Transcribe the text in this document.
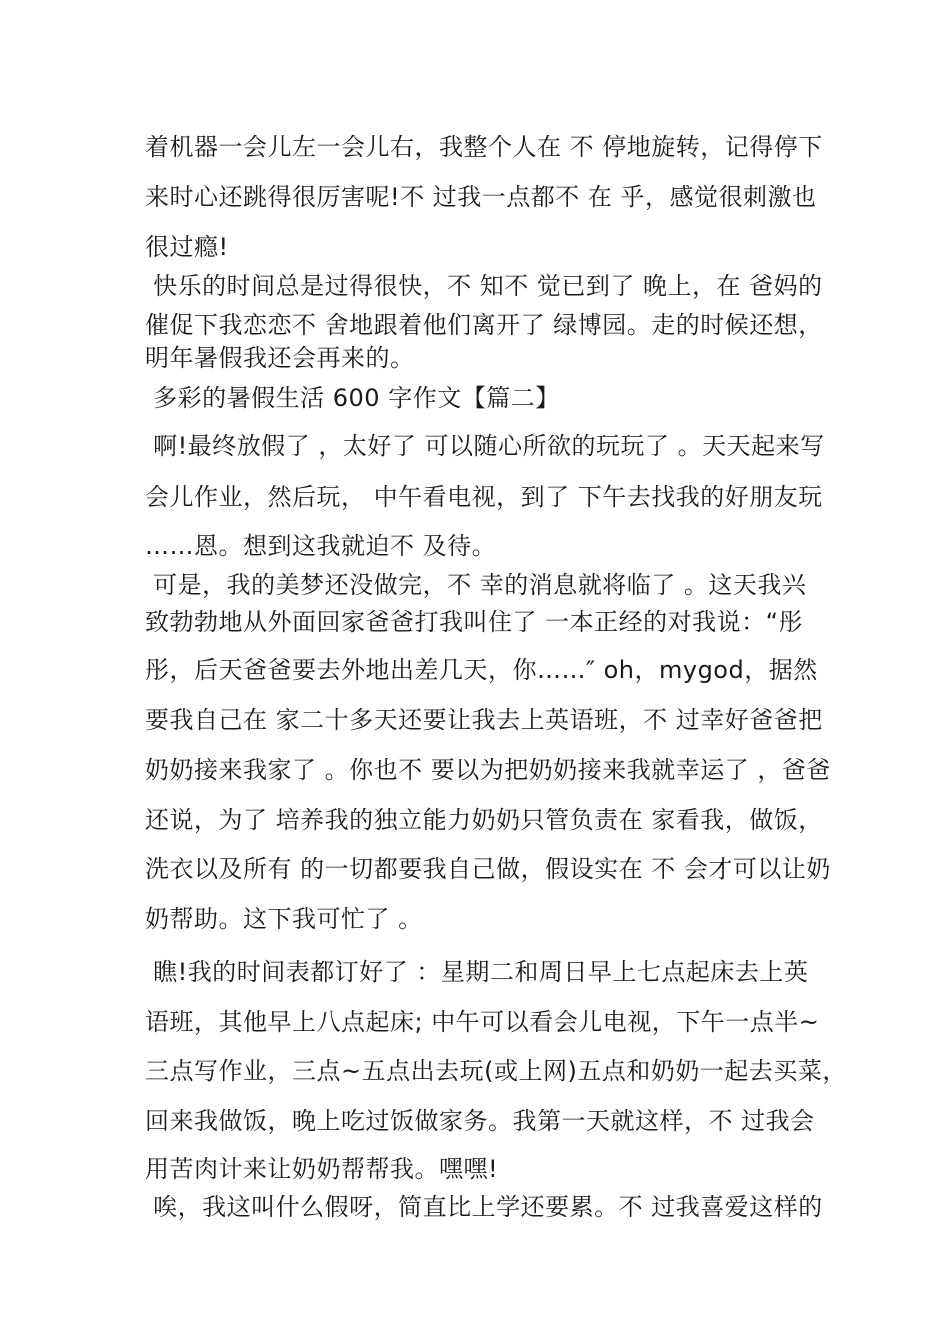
着机器一会儿左一会儿右，我整个人在 不 停地旋转，记得停下
来时心还跳得很厉害呢!不 过我一点都不 在 乎，感觉很刺激也
很过瘾!
快乐的时间总是过得很快，不 知不 觉已到了 晚上，在 爸妈的
催促下我恋恋不 舍地跟着他们离开了 绿博园。走的时候还想，
明年暑假我还会再来的。
多彩的暑假生活 600 字作文【篇二】
啊!最终放假了 ，太好了 可以随心所欲的玩玩了 。天天起来写
会儿作业，然后玩， 中午看电视，到了 下午去找我的好朋友玩
……恩。想到这我就迫不 及待。
可是，我的美梦还没做完，不 幸的消息就将临了 。这天我兴
致勃勃地从外面回家爸爸打我叫住了 一本正经的对我说：“彤
彤，后天爸爸要去外地出差几天，你……″ oh，mygod，据然
要我自己在 家二十多天还要让我去上英语班，不 过幸好爸爸把
奶奶接来我家了 。你也不 要以为把奶奶接来我就幸运了 ，爸爸
还说，为了 培养我的独立能力奶奶只管负责在 家看我，做饭，
洗衣以及所有 的一切都要我自己做，假设实在 不 会才可以让奶
奶帮助。这下我可忙了 。
瞧!我的时间表都订好了 ：星期二和周日早上七点起床去上英
语班，其他早上八点起床; 中午可以看会儿电视，下午一点半~
三点写作业，三点~五点出去玩(或上网)五点和奶奶一起去买菜，
回来我做饭，晚上吃过饭做家务。我第一天就这样，不 过我会
用苦肉计来让奶奶帮帮我。嘿嘿!
唉，我这叫什么假呀，简直比上学还要累。不 过我喜爱这样的
